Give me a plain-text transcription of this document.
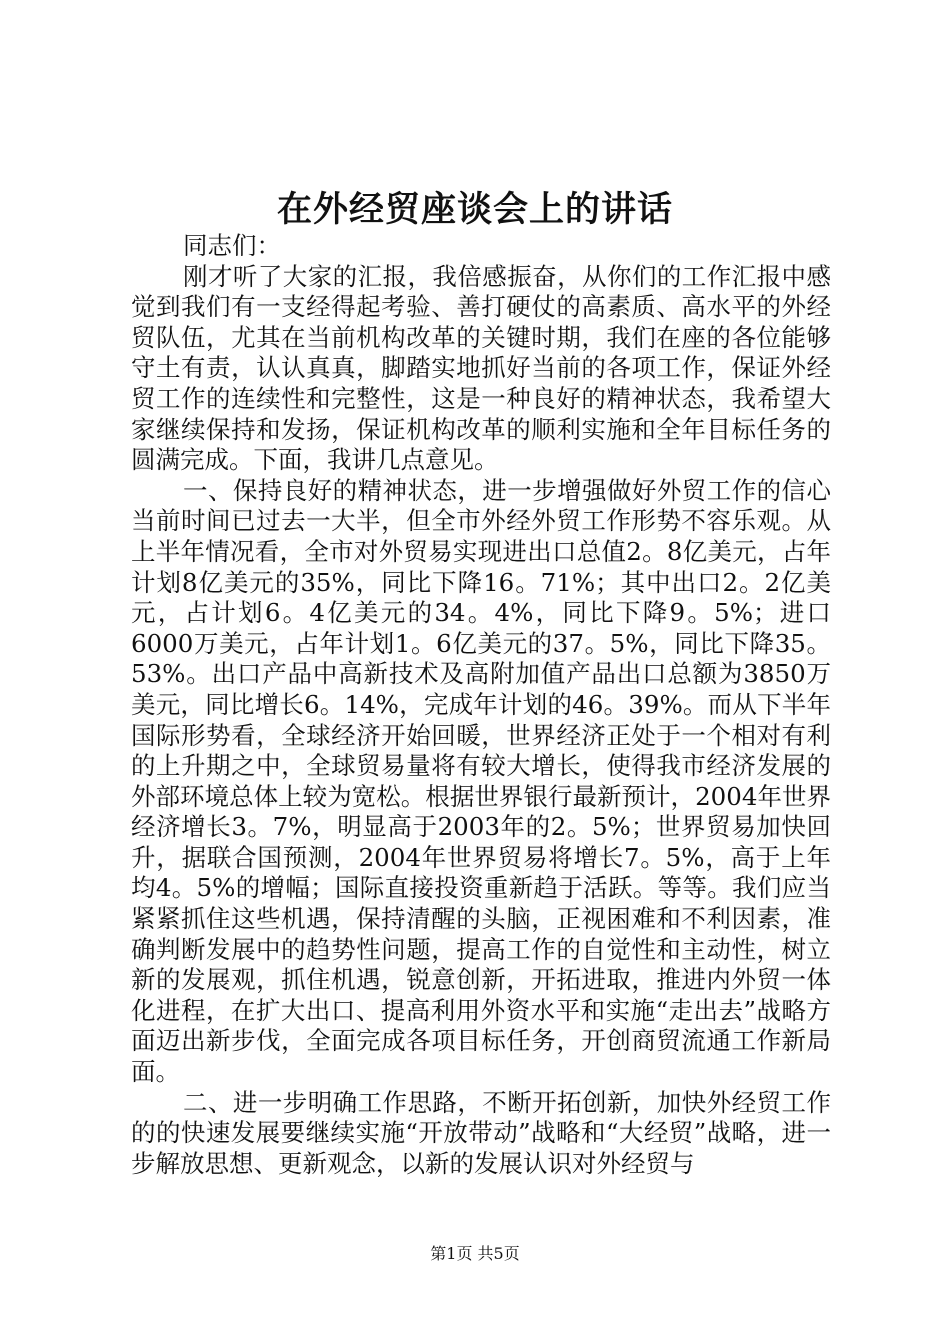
在外经贸座谈会上的讲话

同志们：

刚才听了大家的汇报，我倍感振奋，从你们的工作汇报中感觉到我们有一支经得起考验、善打硬仗的高素质、高水平的外经贸队伍，尤其在当前机构改革的关键时期，我们在座的各位能够守土有责，认认真真，脚踏实地抓好当前的各项工作，保证外经贸工作的连续性和完整性，这是一种良好的精神状态，我希望大家继续保持和发扬，保证机构改革的顺利实施和全年目标任务的圆满完成。下面，我讲几点意见。

一、保持良好的精神状态，进一步增强做好外贸工作的信心当前时间已过去一大半，但全市外经外贸工作形势不容乐观。从上半年情况看，全市对外贸易实现进出口总值2。8亿美元，占年计划8亿美元的35%，同比下降16。71%；其中出口2。2亿美元，占计划6。4亿美元的34。4%，同比下降9。5%；进口6000万美元，占年计划1。6亿美元的37。5%，同比下降35。53%。出口产品中高新技术及高附加值产品出口总额为3850万美元，同比增长6。14%，完成年计划的46。39%。而从下半年国际形势看，全球经济开始回暖，世界经济正处于一个相对有利的上升期之中，全球贸易量将有较大增长，使得我市经济发展的外部环境总体上较为宽松。根据世界银行最新预计，2004年世界经济增长3。7%，明显高于2003年的2。5%；世界贸易加快回升，据联合国预测，2004年世界贸易将增长7。5%，高于上年均4。5%的增幅；国际直接投资重新趋于活跃。等等。我们应当紧紧抓住这些机遇，保持清醒的头脑，正视困难和不利因素，准确判断发展中的趋势性问题，提高工作的自觉性和主动性，树立新的发展观，抓住机遇，锐意创新，开拓进取，推进内外贸一体化进程，在扩大出口、提高利用外资水平和实施“走出去”战略方面迈出新步伐，全面完成各项目标任务，开创商贸流通工作新局面。

二、进一步明确工作思路，不断开拓创新，加快外经贸工作的的快速发展要继续实施“开放带动”战略和“大经贸”战略，进一步解放思想、更新观念，以新的发展认识对外经贸与

第1页 共5页
